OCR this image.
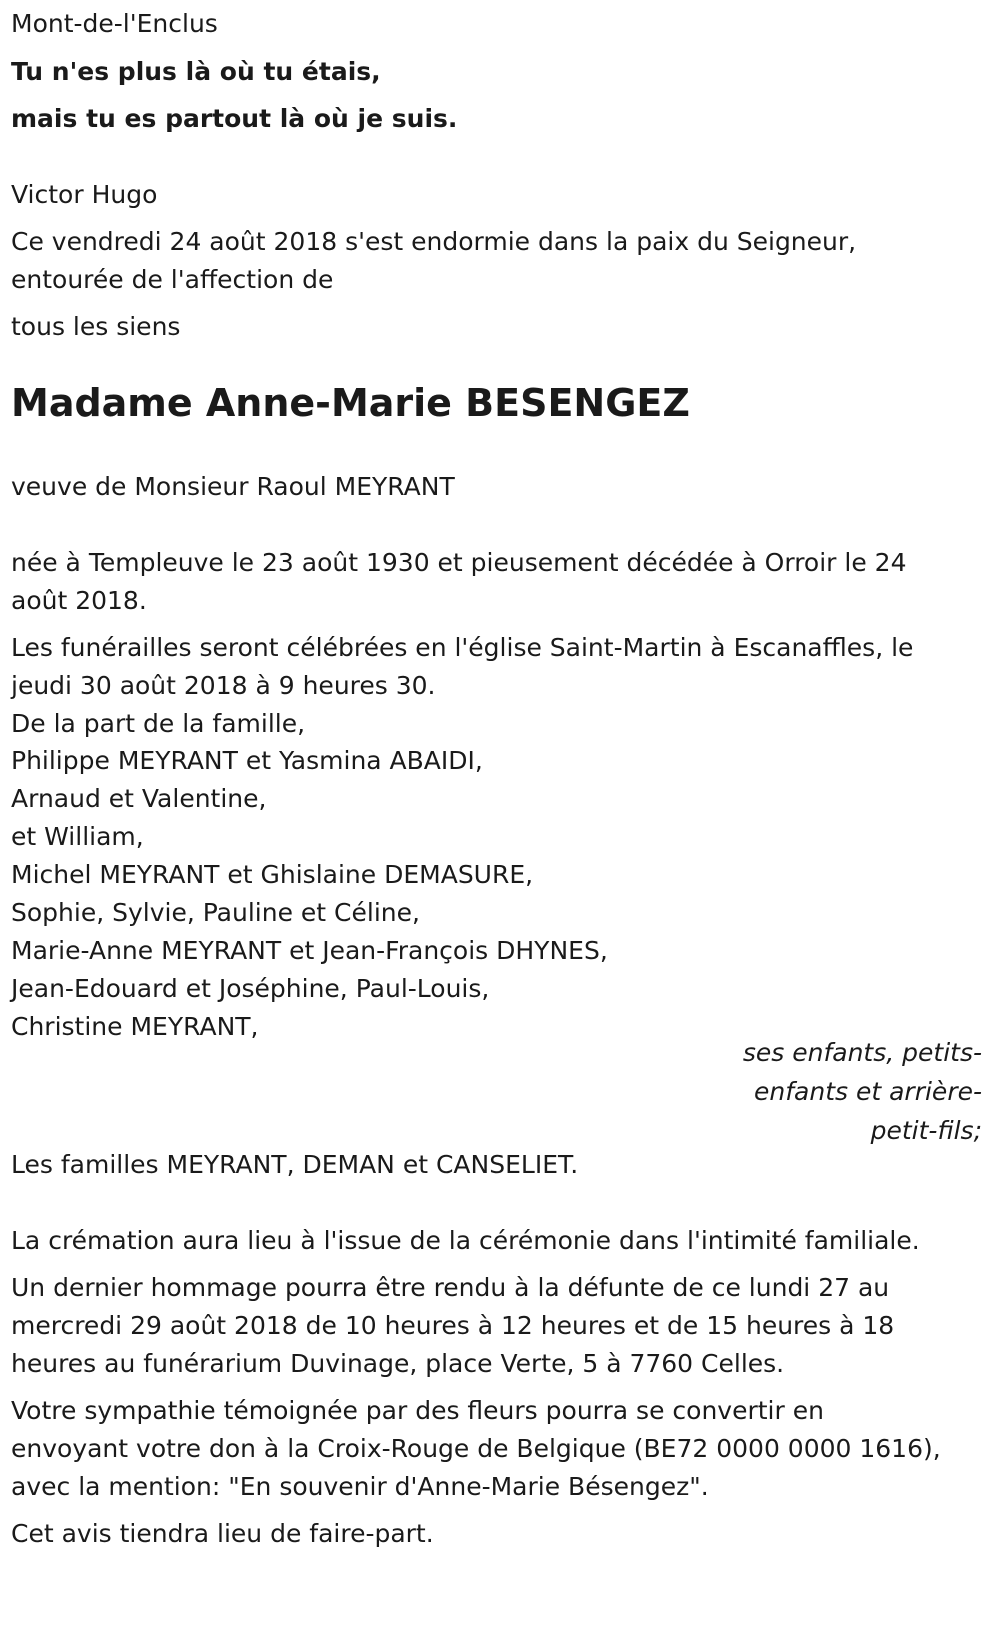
Mont-de-l'Enclus
Tu n'es plus là où tu étais,
mais tu es partout là où je suis.
Victor Hugo
Ce vendredi 24 août 2018 s'est endormie dans la paix du Seigneur,
entourée de l'affection de
tous les siens
Madame Anne-Marie BESENGEZ
veuve de Monsieur Raoul MEYRANT
née à Templeuve le 23 août 1930 et pieusement décédée à Orroir le 24
août 2018.
Les funérailles seront célébrées en l'église Saint-Martin à Escanaffles, le
jeudi 30 août 2018 à 9 heures 30.
De la part de la famille,
Philippe MEYRANT et Yasmina ABAIDI,
Arnaud et Valentine,
et William,
Michel MEYRANT et Ghislaine DEMASURE,
Sophie, Sylvie, Pauline et Céline,
Marie-Anne MEYRANT et Jean-François DHYNES,
Jean-Edouard et Joséphine, Paul-Louis,
Christine MEYRANT,
ses enfants, petits-
enfants et arrière-
petit-fils;
Les familles MEYRANT, DEMAN et CANSELIET.
La crémation aura lieu à l'issue de la cérémonie dans l'intimité familiale.
Un dernier hommage pourra être rendu à la défunte de ce lundi 27 au
mercredi 29 août 2018 de 10 heures à 12 heures et de 15 heures à 18
heures au funérarium Duvinage, place Verte, 5 à 7760 Celles.
Votre sympathie témoignée par des fleurs pourra se convertir en
envoyant votre don à la Croix-Rouge de Belgique (BE72 0000 0000 1616),
avec la mention: "En souvenir d'Anne-Marie Bésengez".
Cet avis tiendra lieu de faire-part.
